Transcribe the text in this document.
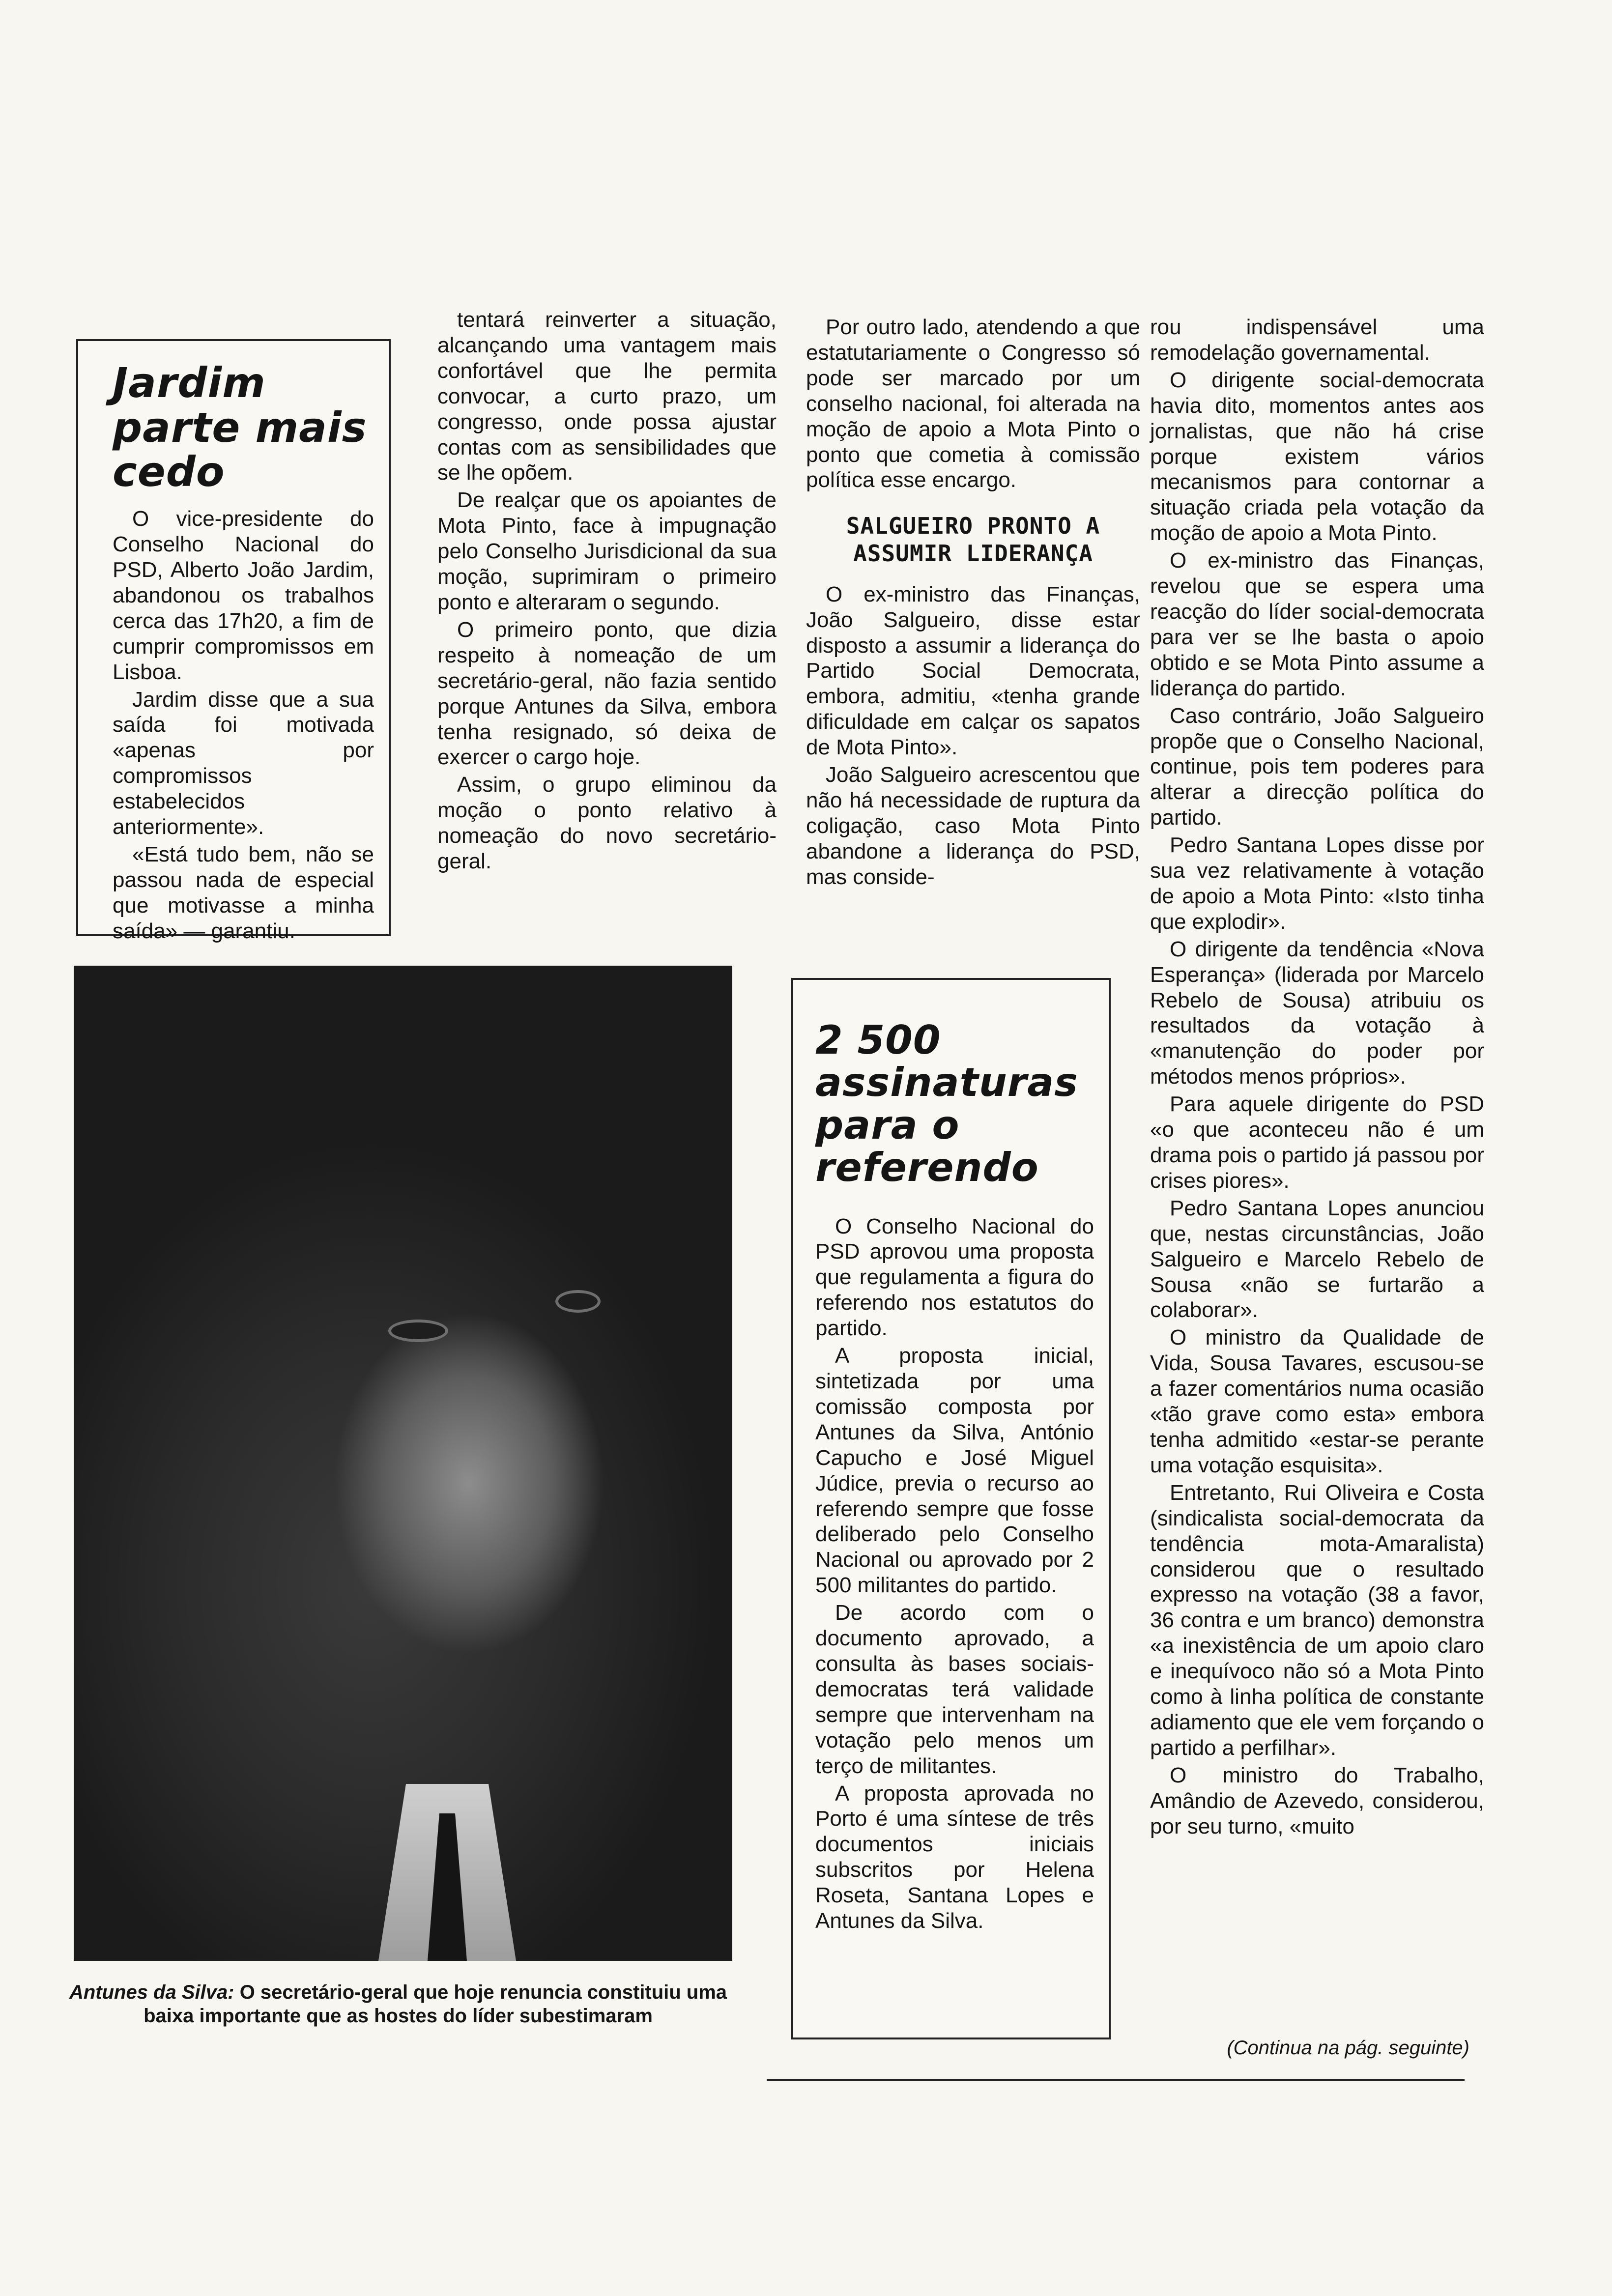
Jardim parte mais cedo

O vice-presidente do Conselho Nacional do PSD, Alberto João Jardim, abandonou os trabalhos cerca das 17h20, a fim de cumprir compromissos em Lisboa.

Jardim disse que a sua saída foi motivada «apenas por compromissos estabelecidos anteriormente».

«Está tudo bem, não se passou nada de especial que motivasse a minha saída» — garantiu.

tentará reinverter a situação, alcançando uma vantagem mais confortável que lhe permita convocar, a curto prazo, um congresso, onde possa ajustar contas com as sensibilidades que se lhe opõem.

De realçar que os apoiantes de Mota Pinto, face à impugnação pelo Conselho Jurisdicional da sua moção, suprimiram o primeiro ponto e alteraram o segundo.

O primeiro ponto, que dizia respeito à nomeação de um secretário-geral, não fazia sentido porque Antunes da Silva, embora tenha resignado, só deixa de exercer o cargo hoje.

Assim, o grupo eliminou da moção o ponto relativo à nomeação do novo secretário-geral.

Por outro lado, atendendo a que estatutariamente o Congresso só pode ser marcado por um conselho nacional, foi alterada na moção de apoio a Mota Pinto o ponto que cometia à comissão política esse encargo.

SALGUEIRO PRONTO A ASSUMIR LIDERANÇA

O ex-ministro das Finanças, João Salgueiro, disse estar disposto a assumir a liderança do Partido Social Democrata, embora, admitiu, «tenha grande dificuldade em calçar os sapatos de Mota Pinto».

João Salgueiro acrescentou que não há necessidade de ruptura da coligação, caso Mota Pinto abandone a liderança do PSD, mas conside-

2 500 assinaturas para o referendo

O Conselho Nacional do PSD aprovou uma proposta que regulamenta a figura do referendo nos estatutos do partido.

A proposta inicial, sintetizada por uma comissão composta por Antunes da Silva, António Capucho e José Miguel Júdice, previa o recurso ao referendo sempre que fosse deliberado pelo Conselho Nacional ou aprovado por 2 500 militantes do partido.

De acordo com o documento aprovado, a consulta às bases sociais-democratas terá validade sempre que intervenham na votação pelo menos um terço de militantes.

A proposta aprovada no Porto é uma síntese de três documentos iniciais subscritos por Helena Roseta, Santana Lopes e Antunes da Silva.

rou indispensável uma remodelação governamental.

O dirigente social-democrata havia dito, momentos antes aos jornalistas, que não há crise porque existem vários mecanismos para contornar a situação criada pela votação da moção de apoio a Mota Pinto.

O ex-ministro das Finanças, revelou que se espera uma reacção do líder social-democrata para ver se lhe basta o apoio obtido e se Mota Pinto assume a liderança do partido.

Caso contrário, João Salgueiro propõe que o Conselho Nacional, continue, pois tem poderes para alterar a direcção política do partido.

Pedro Santana Lopes disse por sua vez relativamente à votação de apoio a Mota Pinto: «Isto tinha que explodir».

O dirigente da tendência «Nova Esperança» (liderada por Marcelo Rebelo de Sousa) atribuiu os resultados da votação à «manutenção do poder por métodos menos próprios».

Para aquele dirigente do PSD «o que aconteceu não é um drama pois o partido já passou por crises piores».

Pedro Santana Lopes anunciou que, nestas circunstâncias, João Salgueiro e Marcelo Rebelo de Sousa «não se furtarão a colaborar».

O ministro da Qualidade de Vida, Sousa Tavares, escusou-se a fazer comentários numa ocasião «tão grave como esta» embora tenha admitido «estar-se perante uma votação esquisita».

Entretanto, Rui Oliveira e Costa (sindicalista social-democrata da tendência mota-Amaralista) considerou que o resultado expresso na votação (38 a favor, 36 contra e um branco) demonstra «a inexistência de um apoio claro e inequívoco não só a Mota Pinto como à linha política de constante adiamento que ele vem forçando o partido a perfilhar».

O ministro do Trabalho, Amândio de Azevedo, considerou, por seu turno, «muito

(Continua na pág. seguinte)
Antunes da Silva: O secretário-geral que hoje renuncia constituiu uma baixa importante que as hostes do líder subestimaram
